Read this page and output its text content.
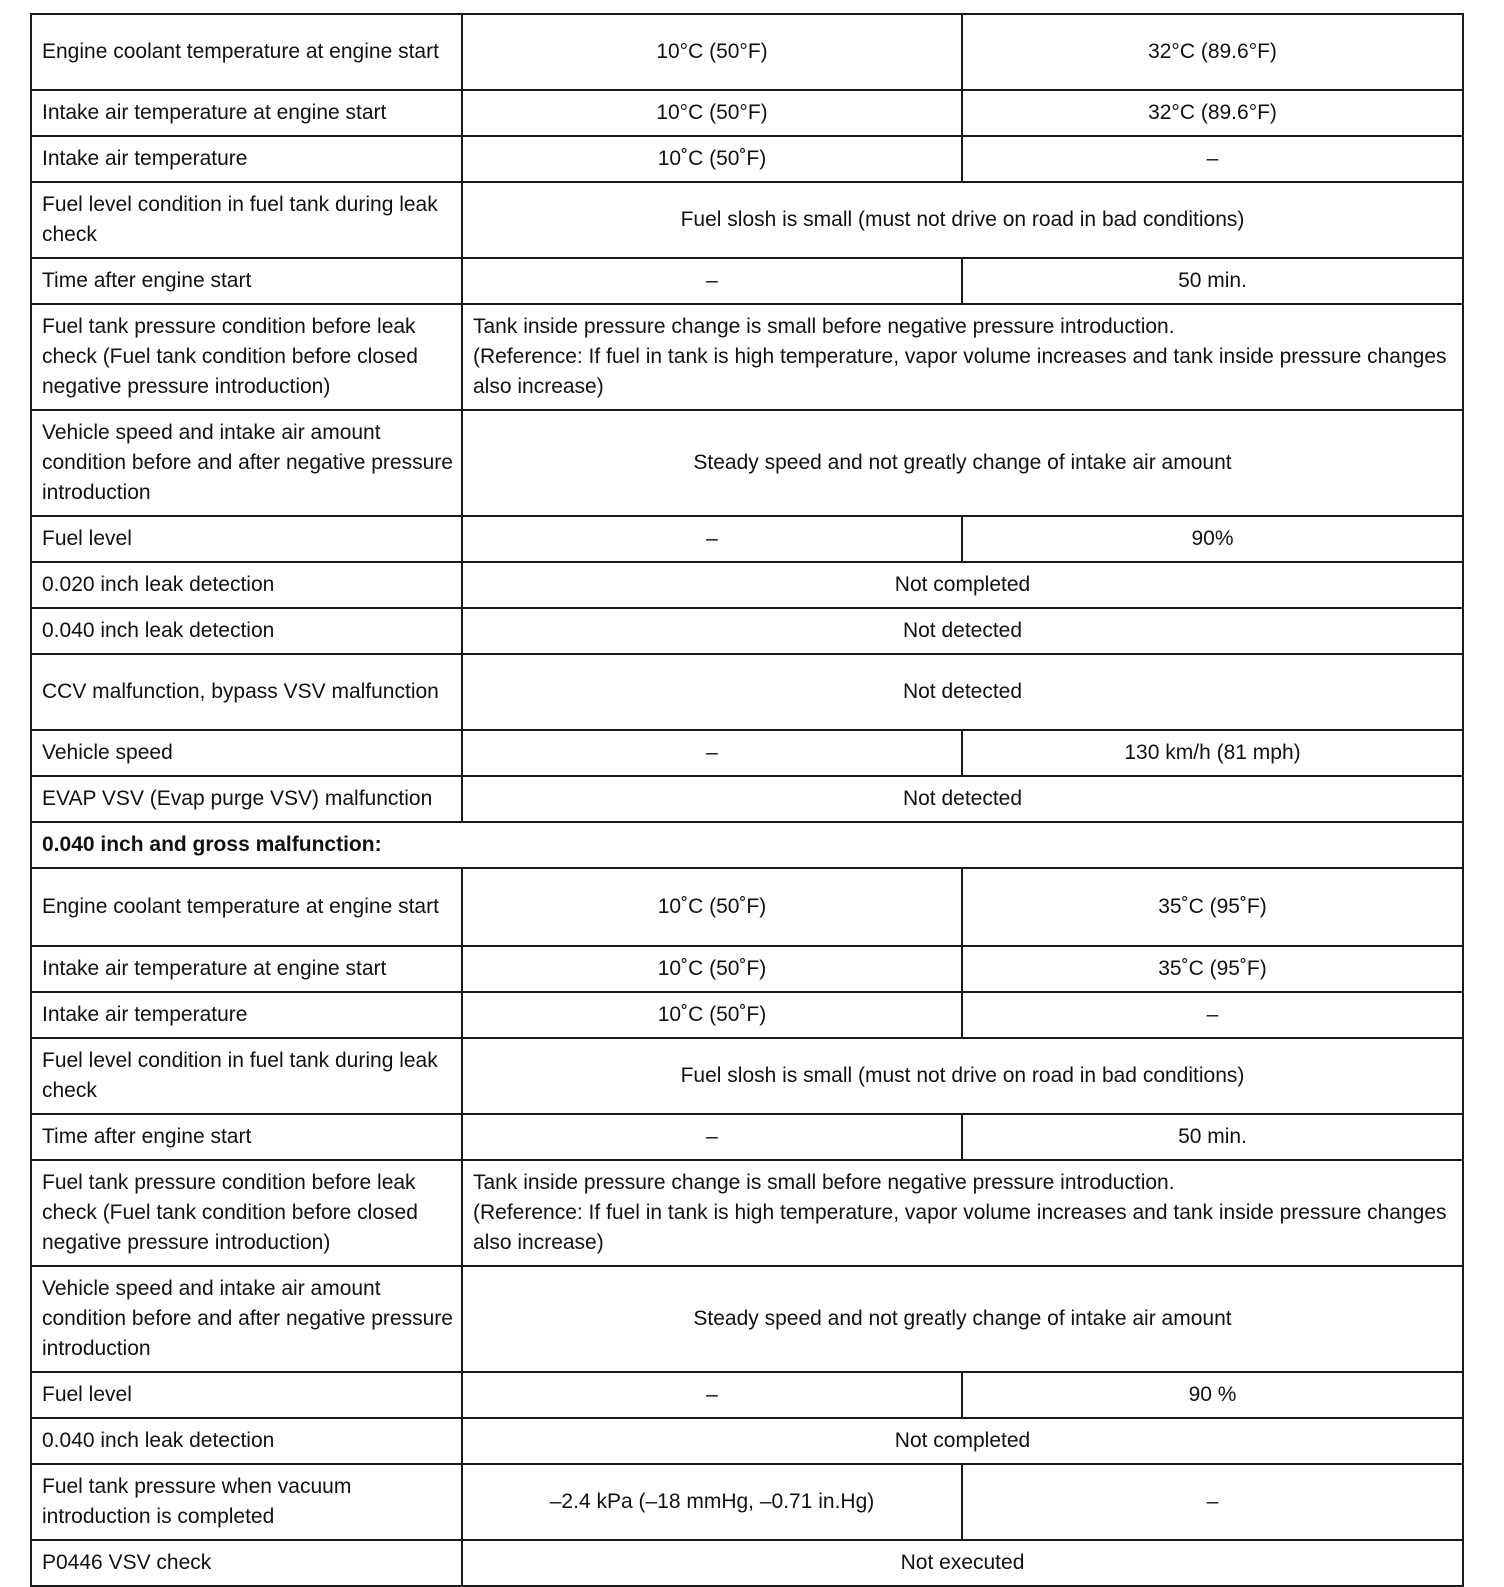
Engine coolant temperature at engine start	10°C (50°F)	32°C (89.6°F)
Intake air temperature at engine start	10°C (50°F)	32°C (89.6°F)
Intake air temperature	10˚C (50˚F)	–
Fuel level condition in fuel tank during leak check	Fuel slosh is small (must not drive on road in bad conditions)	
Time after engine start	–	50 min.
Fuel tank pressure condition before leak check (Fuel tank condition before closed negative pressure introduction)	Tank inside pressure change is small before negative pressure introduction.
(Reference: If fuel in tank is high temperature, vapor volume increases and tank inside pressure changes also increase)	
Vehicle speed and intake air amount condition before and after negative pressure introduction	Steady speed and not greatly change of intake air amount	
Fuel level	–	90%
0.020 inch leak detection	Not completed	
0.040 inch leak detection	Not detected	
CCV malfunction, bypass VSV malfunction	Not detected	
Vehicle speed	–	130 km/h (81 mph)
EVAP VSV (Evap purge VSV) malfunction	Not detected	
0.040 inch and gross malfunction:		
Engine coolant temperature at engine start	10˚C (50˚F)	35˚C (95˚F)
Intake air temperature at engine start	10˚C (50˚F)	35˚C (95˚F)
Intake air temperature	10˚C (50˚F)	–
Fuel level condition in fuel tank during leak check	Fuel slosh is small (must not drive on road in bad conditions)	
Time after engine start	–	50 min.
Fuel tank pressure condition before leak check (Fuel tank condition before closed negative pressure introduction)	Tank inside pressure change is small before negative pressure introduction.
(Reference: If fuel in tank is high temperature, vapor volume increases and tank inside pressure changes also increase)	
Vehicle speed and intake air amount condition before and after negative pressure introduction	Steady speed and not greatly change of intake air amount	
Fuel level	–	90 %
0.040 inch leak detection	Not completed	
Fuel tank pressure when vacuum introduction is completed	–2.4 kPa (–18 mmHg, –0.71 in.Hg)	–
P0446 VSV check	Not executed	
